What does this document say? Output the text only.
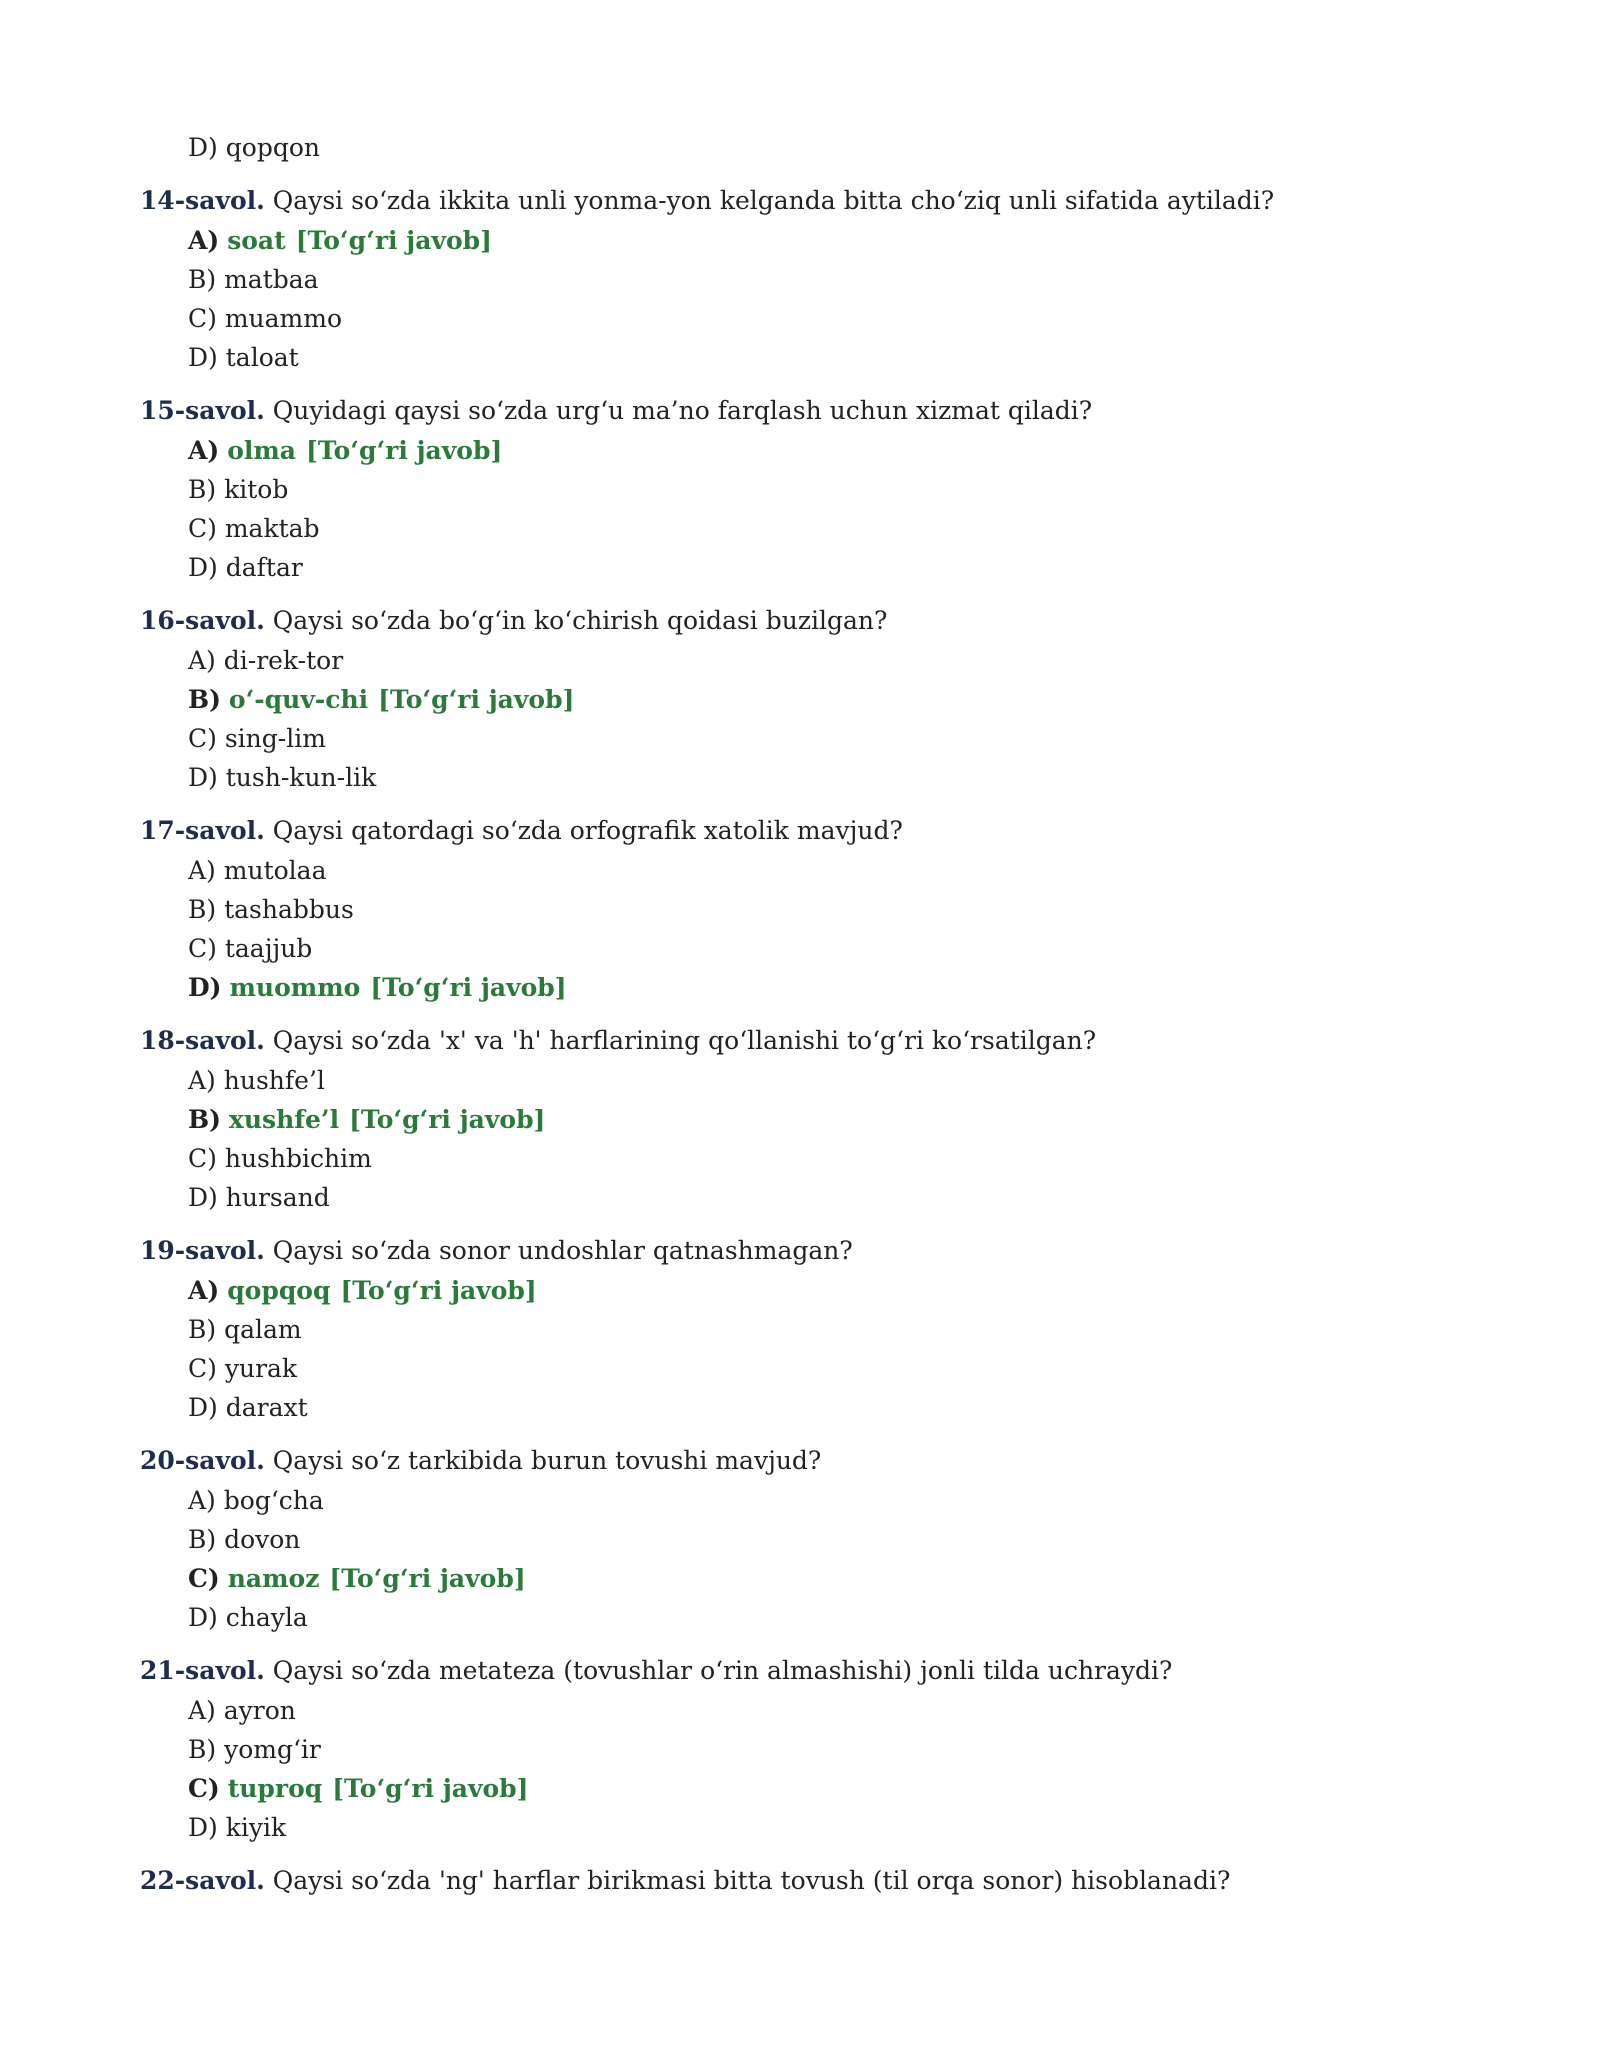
D) qopqon
14-savol. Qaysi so‘zda ikkita unli yonma-yon kelganda bitta cho‘ziq unli sifatida aytiladi?
A) soat [To‘g‘ri javob]
B) matbaa
C) muammo
D) taloat
15-savol. Quyidagi qaysi so‘zda urg‘u ma’no farqlash uchun xizmat qiladi?
A) olma [To‘g‘ri javob]
B) kitob
C) maktab
D) daftar
16-savol. Qaysi so‘zda bo‘g‘in ko‘chirish qoidasi buzilgan?
A) di-rek-tor
B) o‘-quv-chi [To‘g‘ri javob]
C) sing-lim
D) tush-kun-lik
17-savol. Qaysi qatordagi so‘zda orfografik xatolik mavjud?
A) mutolaa
B) tashabbus
C) taajjub
D) muommo [To‘g‘ri javob]
18-savol. Qaysi so‘zda 'x' va 'h' harflarining qo‘llanishi to‘g‘ri ko‘rsatilgan?
A) hushfe’l
B) xushfe’l [To‘g‘ri javob]
C) hushbichim
D) hursand
19-savol. Qaysi so‘zda sonor undoshlar qatnashmagan?
A) qopqoq [To‘g‘ri javob]
B) qalam
C) yurak
D) daraxt
20-savol. Qaysi so‘z tarkibida burun tovushi mavjud?
A) bog‘cha
B) dovon
C) namoz [To‘g‘ri javob]
D) chayla
21-savol. Qaysi so‘zda metateza (tovushlar o‘rin almashishi) jonli tilda uchraydi?
A) ayron
B) yomg‘ir
C) tuproq [To‘g‘ri javob]
D) kiyik
22-savol. Qaysi so‘zda 'ng' harflar birikmasi bitta tovush (til orqa sonor) hisoblanadi?
